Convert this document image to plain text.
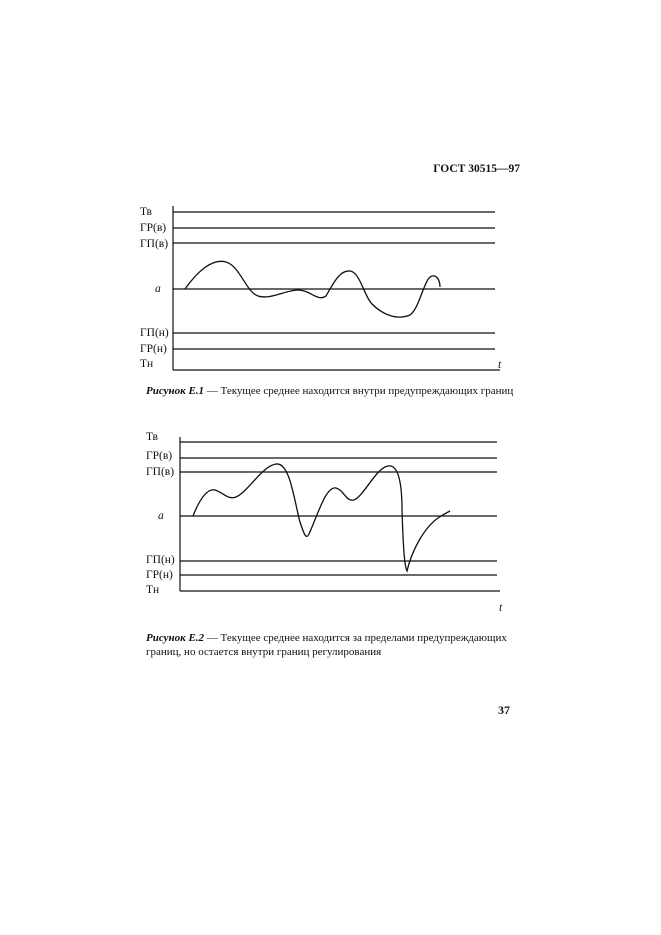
ГОСТ 30515—97
Тв
ГР(в)
ГП(в)
a
ГП(н)
ГР(н)
Тн	t
Рисунок Е.1 — Текущее среднее находится внутри предупреждающих границ
Тв
ГР(в)
ГП(в)
a
ГП(н)
ГР(н)
Тн
t
Рисунок Е.2 — Текущее среднее находится за пределами предупреждающих границ, но остается внутри границ регулирования
37
